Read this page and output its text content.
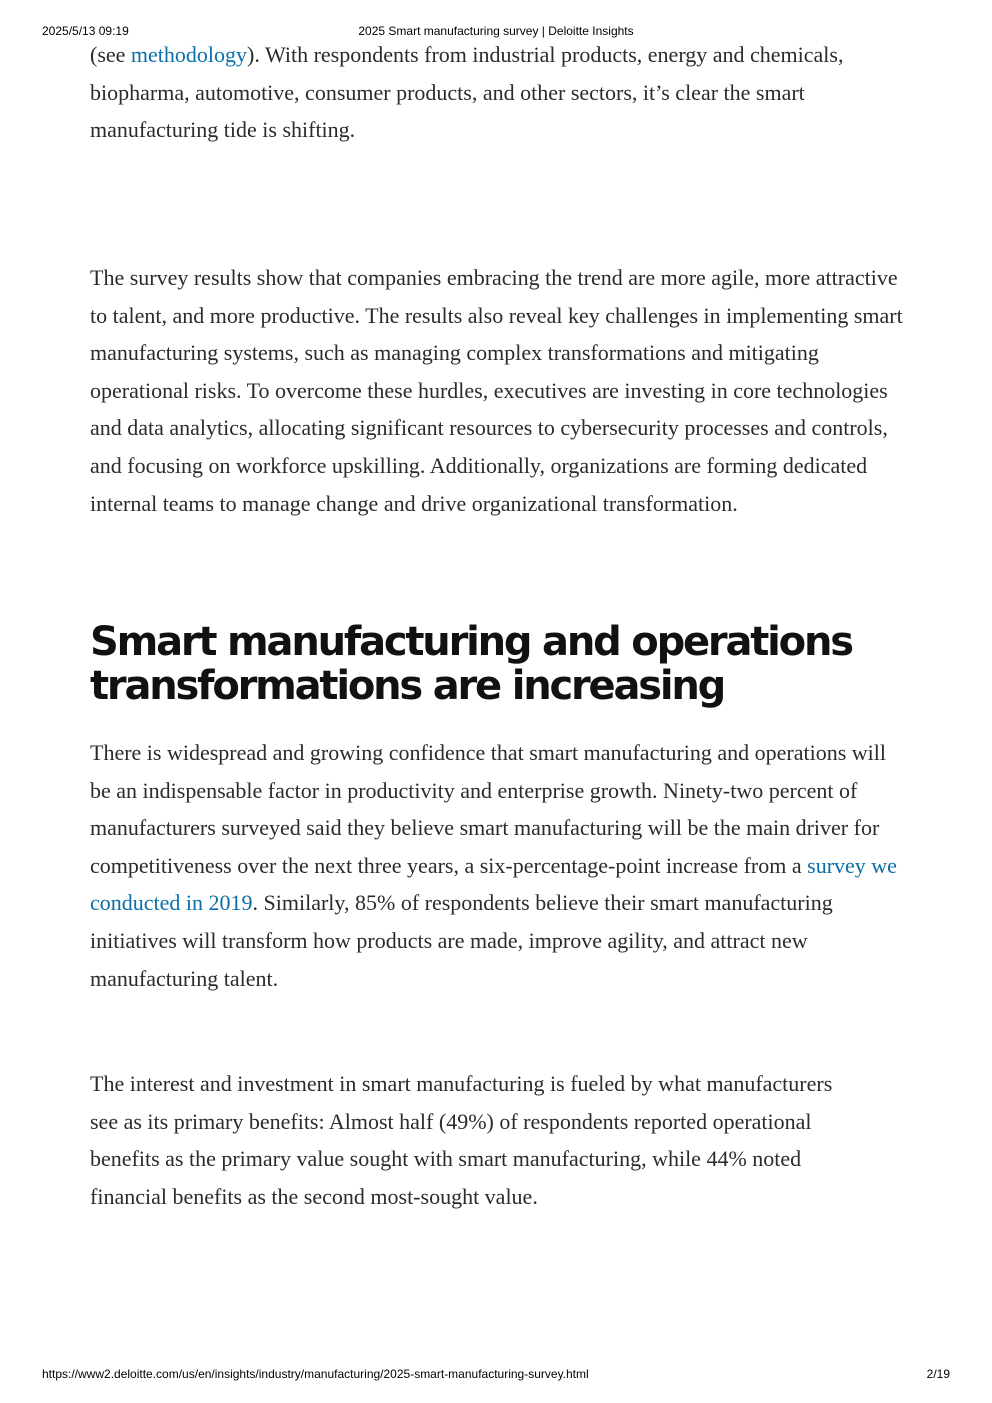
2025/5/13 09:19	2025 Smart manufacturing survey | Deloitte Insights

(see methodology). With respondents from industrial products, energy and chemicals, biopharma, automotive, consumer products, and other sectors, it’s clear the smart manufacturing tide is shifting.

The survey results show that companies embracing the trend are more agile, more attractive to talent, and more productive. The results also reveal key challenges in implementing smart manufacturing systems, such as managing complex transformations and mitigating operational risks. To overcome these hurdles, executives are investing in core technologies and data analytics, allocating significant resources to cybersecurity processes and controls, and focusing on workforce upskilling. Additionally, organizations are forming dedicated internal teams to manage change and drive organizational transformation.

Smart manufacturing and operations transformations are increasing

There is widespread and growing confidence that smart manufacturing and operations will be an indispensable factor in productivity and enterprise growth. Ninety-two percent of manufacturers surveyed said they believe smart manufacturing will be the main driver for competitiveness over the next three years, a six-percentage-point increase from a survey we conducted in 2019. Similarly, 85% of respondents believe their smart manufacturing initiatives will transform how products are made, improve agility, and attract new manufacturing talent.

The interest and investment in smart manufacturing is fueled by what manufacturers see as its primary benefits: Almost half (49%) of respondents reported operational benefits as the primary value sought with smart manufacturing, while 44% noted financial benefits as the second most-sought value.

https://www2.deloitte.com/us/en/insights/industry/manufacturing/2025-smart-manufacturing-survey.html	2/19
